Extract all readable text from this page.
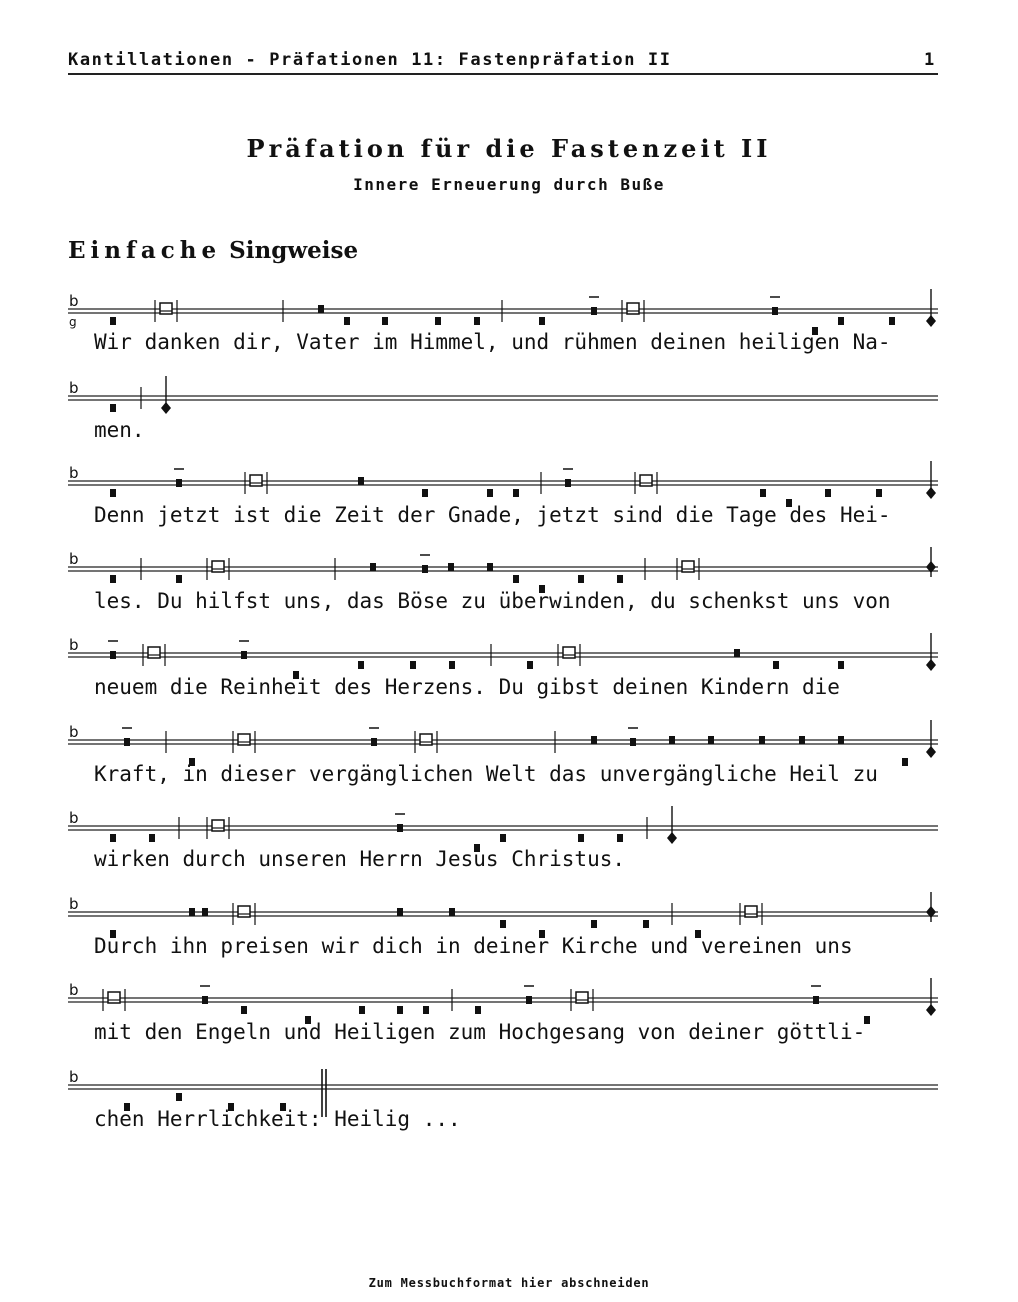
Kantillationen - Präfationen 11: Fastenpräfation II	1
Präfation für die Fastenzeit II
Innere Erneuerung durch Buße
Einfache Singweise
b
g
b
b
b
b
b
b
b
b
b
Wir danken dir, Vater im Himmel, und rühmen deinen heiligen Na-
men.
Denn jetzt ist die Zeit der Gnade, jetzt sind die Tage des Hei-
les. Du hilfst uns, das Böse zu überwinden, du schenkst uns von
neuem die Reinheit des Herzens. Du gibst deinen Kindern die
Kraft, in dieser vergänglichen Welt das unvergängliche Heil zu
wirken durch unseren Herrn Jesus Christus.
Durch ihn preisen wir dich in deiner Kirche und vereinen uns
mit den Engeln und Heiligen zum Hochgesang von deiner göttli-
chen Herrlichkeit: Heilig ...
Zum Messbuchformat hier abschneiden
